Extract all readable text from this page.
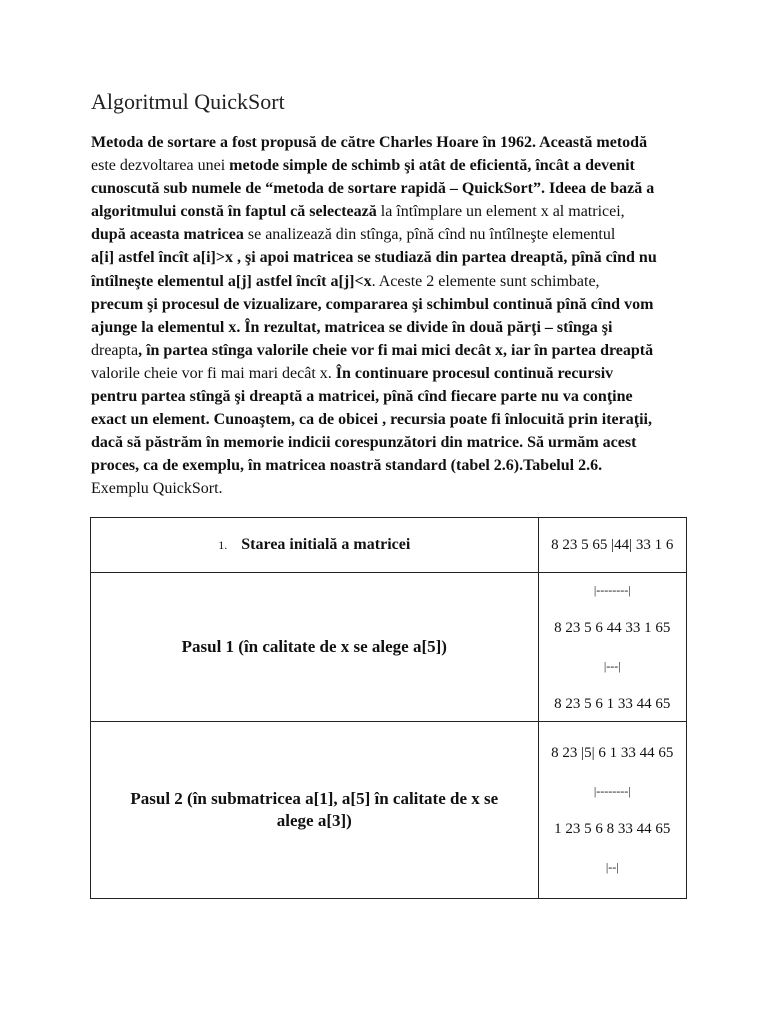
Algoritmul QuickSort
Metoda de sortare a fost propusă de către Charles Hoare în 1962. Această metodă
este dezvoltarea unei metode simple de schimb şi atât de eficientă, încât a devenit
cunoscută sub numele de “metoda de sortare rapidă – QuickSort”. Ideea de bază a
algoritmului constă în faptul că selectează la întîmplare un element x al matricei,
după aceasta matricea se analizează din stînga, pînă cînd nu întîlneşte elementul
a[i] astfel încît a[i]>x , şi apoi matricea se studiază din partea dreaptă, pînă cînd nu
întîlneşte elementul a[j] astfel încît a[j]<x. Aceste 2 elemente sunt schimbate,
precum şi procesul de vizualizare, compararea şi schimbul continuă pînă cînd vom
ajunge la elementul x. În rezultat, matricea se divide în două părţi – stînga şi
dreapta, în partea stînga valorile cheie vor fi mai mici decât x, iar în partea dreaptă
valorile cheie vor fi mai mari decât x. În continuare procesul continuă recursiv
pentru partea stîngă şi dreaptă a matricei, pînă cînd fiecare parte nu va conţine
exact un element. Cunoaştem, ca de obicei , recursia poate fi înlocuită prin iteraţii,
dacă să păstrăm în memorie indicii corespunzători din matrice. Să urmăm acest
proces, ca de exemplu, în matricea noastră standard (tabel 2.6).Tabelul 2.6.
Exemplu QuickSort.
1. Starea initială a matricei	8 23 5 65 |44| 33 1 6

Pasul 1 (în calitate de x se alege a[5])	|--------|
8 23 5 6 44 33 1 65
|---|
8 23 5 6 1 33 44 65

Pasul 2 (în submatricea a[1], a[5] în calitate de x se alege a[3])	8 23 |5| 6 1 33 44 65
|--------|
1 23 5 6 8 33 44 65
|--|
